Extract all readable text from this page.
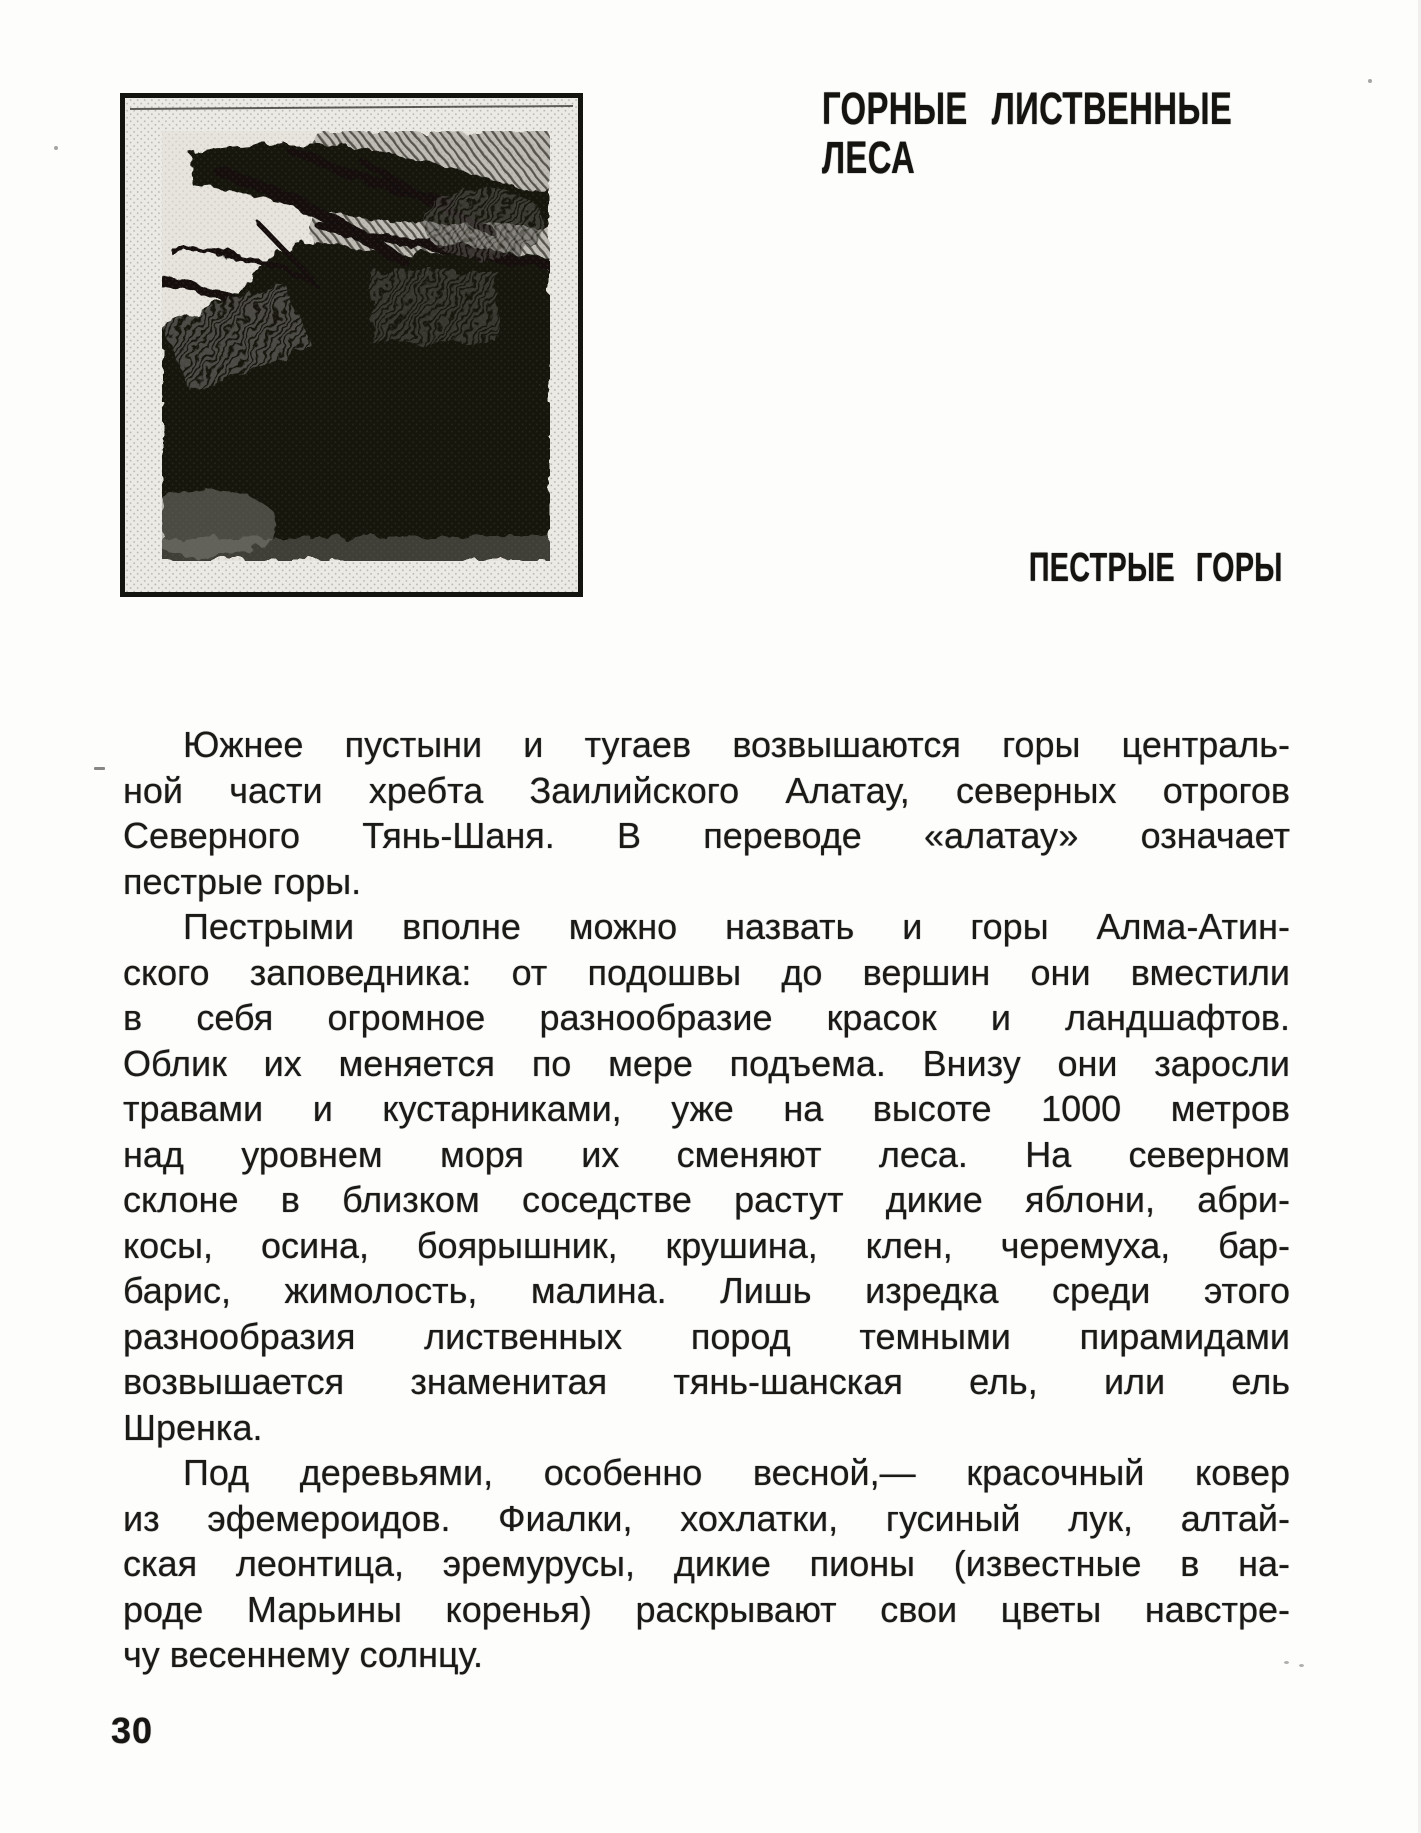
ГОРНЫЕ ЛИСТВЕННЫЕ
ЛЕСА
ПЕСТРЫЕ ГОРЫ
Южнее пустыни и тугаев возвышаются горы централь-
ной части хребта Заилийского Алатау, северных отрогов
Северного Тянь-Шаня. В переводе «алатау» означает
пестрые горы.
Пестрыми вполне можно назвать и горы Алма-Атин-
ского заповедника: от подошвы до вершин они вместили
в себя огромное разнообразие красок и ландшафтов.
Облик их меняется по мере подъема. Внизу они заросли
травами и кустарниками, уже на высоте 1000 метров
над уровнем моря их сменяют леса. На северном
склоне в близком соседстве растут дикие яблони, абри-
косы, осина, боярышник, крушина, клен, черемуха, бар-
барис, жимолость, малина. Лишь изредка среди этого
разнообразия лиственных пород темными пирамидами
возвышается знаменитая тянь-шанская ель, или ель
Шренка.
Под деревьями, особенно весной,— красочный ковер
из эфемероидов. Фиалки, хохлатки, гусиный лук, алтай-
ская леонтица, эремурусы, дикие пионы (известные в на-
роде Марьины коренья) раскрывают свои цветы навстре-
чу весеннему солнцу.
30
